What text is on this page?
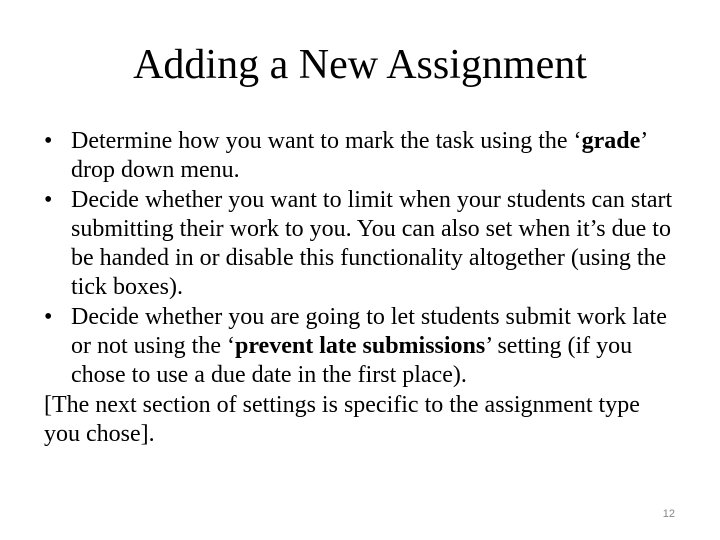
Adding a New Assignment
• Determine how you want to mark the task using the ‘grade’ drop down menu.
• Decide whether you want to limit when your students can start submitting their work to you. You can also set when it’s due to be handed in or disable this functionality altogether (using the tick boxes).
• Decide whether you are going to let students submit work late or not using the ‘prevent late submissions’ setting (if you chose to use a due date in the first place).

[The next section of settings is specific to the assignment type you chose].

12
